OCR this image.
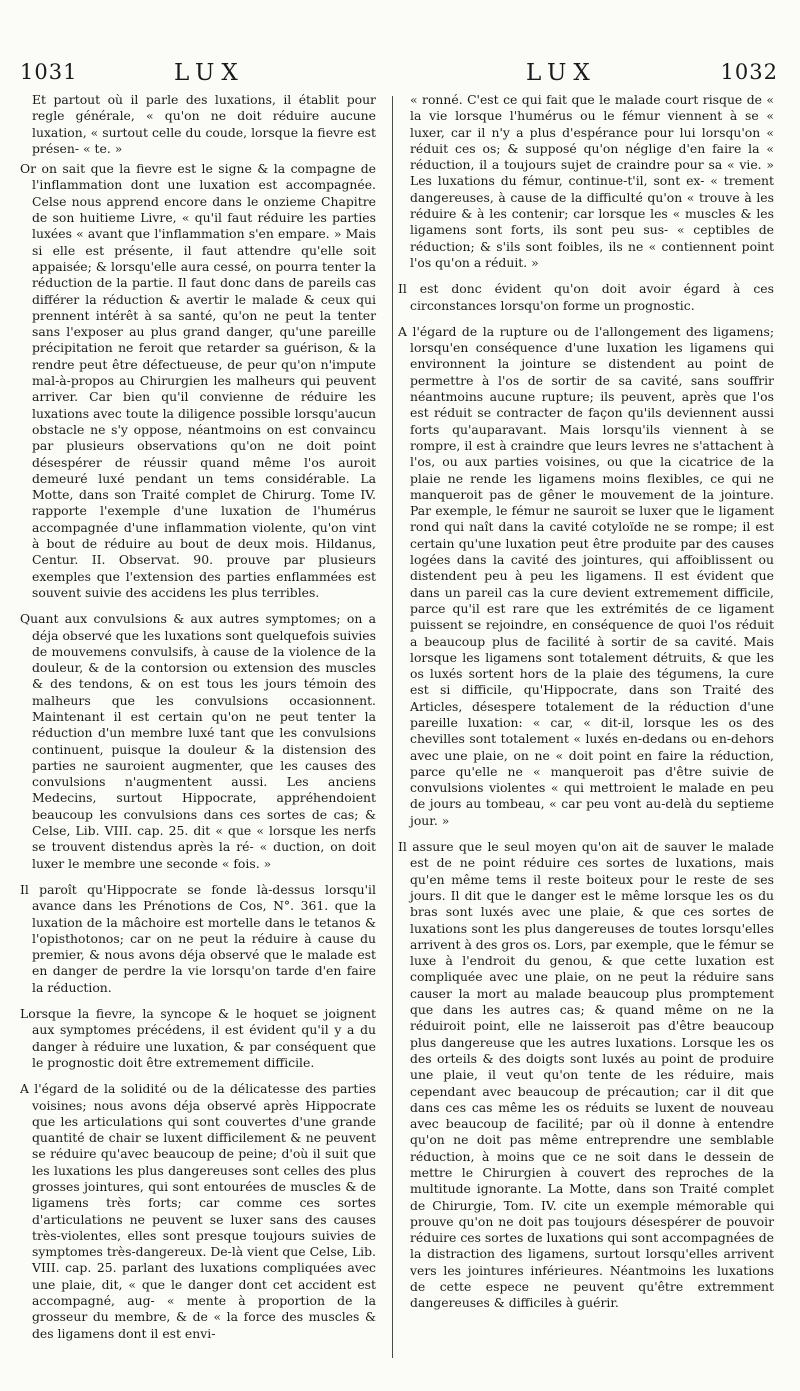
1031	LUX	LUX	1032

Et partout où il parle des luxations, il établit pour regle générale, « qu'on ne doit réduire aucune luxation, « surtout celle du coude, lorsque la fievre est présen- « te. »

Or on sait que la fievre est le signe & la compagne de l'inflammation dont une luxation est accompagnée. Celse nous apprend encore dans le onzieme Chapitre de son huitieme Livre, « qu'il faut réduire les parties luxées « avant que l'inflammation s'en empare. » Mais si elle est présente, il faut attendre qu'elle soit appaisée; & lorsqu'elle aura cessé, on pourra tenter la réduction de la partie. Il faut donc dans de pareils cas différer la réduction & avertir le malade & ceux qui prennent intérêt à sa santé, qu'on ne peut la tenter sans l'exposer au plus grand danger, qu'une pareille précipitation ne feroit que retarder sa guérison, & la rendre peut être défectueuse, de peur qu'on n'impute mal-à-propos au Chirurgien les malheurs qui peuvent arriver. Car bien qu'il convienne de réduire les luxations avec toute la diligence possible lorsqu'aucun obstacle ne s'y oppose, néantmoins on est convaincu par plusieurs observations qu'on ne doit point désespérer de réussir quand même l'os auroit demeuré luxé pendant un tems considérable. La Motte, dans son Traité complet de Chirurg. Tome IV. rapporte l'exemple d'une luxation de l'humérus accompagnée d'une inflammation violente, qu'on vint à bout de réduire au bout de deux mois. Hildanus, Centur. II. Observat. 90. prouve par plusieurs exemples que l'extension des parties enflammées est souvent suivie des accidens les plus terribles.

Quant aux convulsions & aux autres symptomes; on a déja observé que les luxations sont quelquefois suivies de mouvemens convulsifs, à cause de la violence de la douleur, & de la contorsion ou extension des muscles & des tendons, & on est tous les jours témoin des malheurs que les convulsions occasionnent. Maintenant il est certain qu'on ne peut tenter la réduction d'un membre luxé tant que les convulsions continuent, puisque la douleur & la distension des parties ne sauroient augmenter, que les causes des convulsions n'augmentent aussi. Les anciens Medecins, surtout Hippocrate, appréhendoient beaucoup les convulsions dans ces sortes de cas; & Celse, Lib. VIII. cap. 25. dit « que « lorsque les nerfs se trouvent distendus après la ré- « duction, on doit luxer le membre une seconde « fois. »

Il paroît qu'Hippocrate se fonde là-dessus lorsqu'il avance dans les Prénotions de Cos, N°. 361. que la luxation de la mâchoire est mortelle dans le tetanos & l'opisthotonos; car on ne peut la réduire à cause du premier, & nous avons déja observé que le malade est en danger de perdre la vie lorsqu'on tarde d'en faire la réduction.

Lorsque la fievre, la syncope & le hoquet se joignent aux symptomes précédens, il est évident qu'il y a du danger à réduire une luxation, & par conséquent que le prognostic doit être extremement difficile.

A l'égard de la solidité ou de la délicatesse des parties voisines; nous avons déja observé après Hippocrate que les articulations qui sont couvertes d'une grande quantité de chair se luxent difficilement & ne peuvent se réduire qu'avec beaucoup de peine; d'où il suit que les luxations les plus dangereuses sont celles des plus grosses jointures, qui sont entourées de muscles & de ligamens très forts; car comme ces sortes d'articulations ne peuvent se luxer sans des causes très-violentes, elles sont presque toujours suivies de symptomes très-dangereux. De-là vient que Celse, Lib. VIII. cap. 25. parlant des luxations compliquées avec une plaie, dit, « que le danger dont cet accident est accompagné, aug- « mente à proportion de la grosseur du membre, & de « la force des muscles & des ligamens dont il est envi-

« ronné. C'est ce qui fait que le malade court risque de « la vie lorsque l'humérus ou le fémur viennent à se « luxer, car il n'y a plus d'espérance pour lui lorsqu'on « réduit ces os; & supposé qu'on néglige d'en faire la « réduction, il a toujours sujet de craindre pour sa « vie. » Les luxations du fémur, continue-t'il, sont ex- « trement dangereuses, à cause de la difficulté qu'on « trouve à les réduire & à les contenir; car lorsque les « muscles & les ligamens sont forts, ils sont peu sus- « ceptibles de réduction; & s'ils sont foibles, ils ne « contiennent point l'os qu'on a réduit. »

Il est donc évident qu'on doit avoir égard à ces circonstances lorsqu'on forme un prognostic.

A l'égard de la rupture ou de l'allongement des ligamens; lorsqu'en conséquence d'une luxation les ligamens qui environnent la jointure se distendent au point de permettre à l'os de sortir de sa cavité, sans souffrir néantmoins aucune rupture; ils peuvent, après que l'os est réduit se contracter de façon qu'ils deviennent aussi forts qu'auparavant. Mais lorsqu'ils viennent à se rompre, il est à craindre que leurs levres ne s'attachent à l'os, ou aux parties voisines, ou que la cicatrice de la plaie ne rende les ligamens moins flexibles, ce qui ne manqueroit pas de gêner le mouvement de la jointure. Par exemple, le fémur ne sauroit se luxer que le ligament rond qui naît dans la cavité cotyloïde ne se rompe; il est certain qu'une luxation peut être produite par des causes logées dans la cavité des jointures, qui affoiblissent ou distendent peu à peu les ligamens. Il est évident que dans un pareil cas la cure devient extremement difficile, parce qu'il est rare que les extrémités de ce ligament puissent se rejoindre, en conséquence de quoi l'os réduit a beaucoup plus de facilité à sortir de sa cavité. Mais lorsque les ligamens sont totalement détruits, & que les os luxés sortent hors de la plaie des tégumens, la cure est si difficile, qu'Hippocrate, dans son Traité des Articles, désespere totalement de la réduction d'une pareille luxation: « car, « dit-il, lorsque les os des chevilles sont totalement « luxés en-dedans ou en-dehors avec une plaie, on ne « doit point en faire la réduction, parce qu'elle ne « manqueroit pas d'être suivie de convulsions violentes « qui mettroient le malade en peu de jours au tombeau, « car peu vont au-delà du septieme jour. »

Il assure que le seul moyen qu'on ait de sauver le malade est de ne point réduire ces sortes de luxations, mais qu'en même tems il reste boiteux pour le reste de ses jours. Il dit que le danger est le même lorsque les os du bras sont luxés avec une plaie, & que ces sortes de luxations sont les plus dangereuses de toutes lorsqu'elles arrivent à des gros os. Lors, par exemple, que le fémur se luxe à l'endroit du genou, & que cette luxation est compliquée avec une plaie, on ne peut la réduire sans causer la mort au malade beaucoup plus promptement que dans les autres cas; & quand même on ne la réduiroit point, elle ne laisseroit pas d'être beaucoup plus dangereuse que les autres luxations. Lorsque les os des orteils & des doigts sont luxés au point de produire une plaie, il veut qu'on tente de les réduire, mais cependant avec beaucoup de précaution; car il dit que dans ces cas même les os réduits se luxent de nouveau avec beaucoup de facilité; par où il donne à entendre qu'on ne doit pas même entreprendre une semblable réduction, à moins que ce ne soit dans le dessein de mettre le Chirurgien à couvert des reproches de la multitude ignorante. La Motte, dans son Traité complet de Chirurgie, Tom. IV. cite un exemple mémorable qui prouve qu'on ne doit pas toujours désespérer de pouvoir réduire ces sortes de luxations qui sont accompagnées de la distraction des ligamens, surtout lorsqu'elles arrivent vers les jointures inférieures. Néantmoins les luxations de cette espece ne peuvent qu'être extremment dangereuses & difficiles à guérir.
